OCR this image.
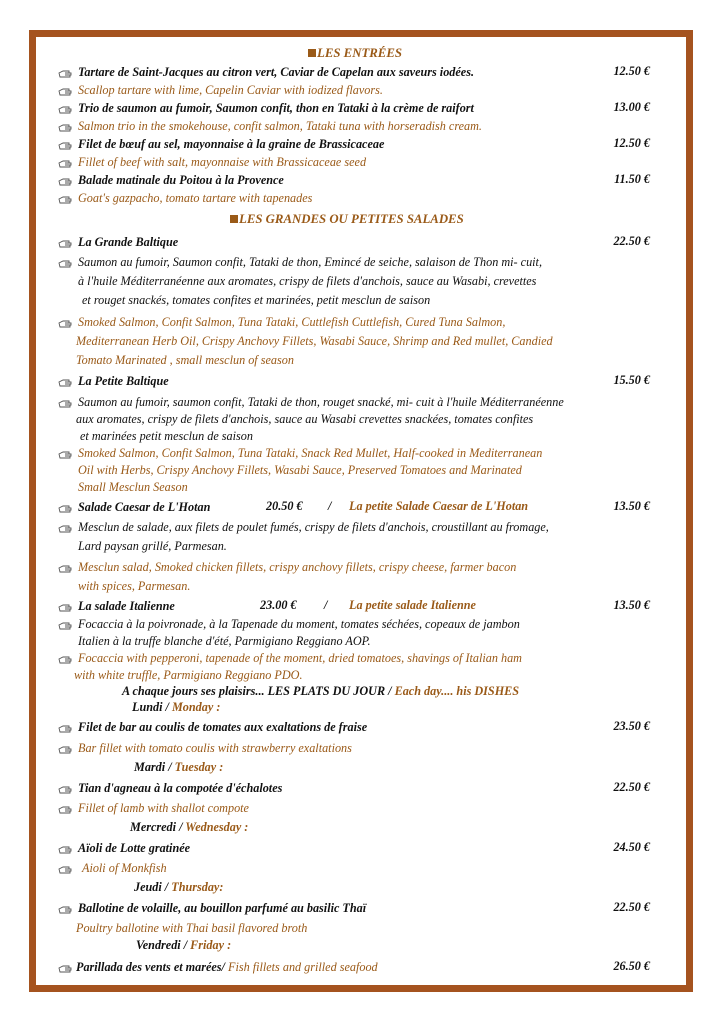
LES ENTRÉES
Tartare de Saint-Jacques au citron vert, Caviar de Capelan aux saveurs iodées.	12.50 €
Scallop tartare with lime, Capelin Caviar with iodized flavors.
Trio de saumon au fumoir, Saumon confit, thon en Tataki à la crème de raifort	13.00 €
Salmon trio in the smokehouse, confit salmon, Tataki tuna with horseradish cream.
Filet de bœuf au sel, mayonnaise à la graine de Brassicaceae	12.50 €
Fillet of beef with salt, mayonnaise with Brassicaceae seed
Balade matinale du Poitou à la Provence	11.50 €
Goat's gazpacho, tomato tartare with tapenades
LES GRANDES OU PETITES SALADES
La Grande Baltique	22.50 €
Saumon au fumoir, Saumon confit, Tataki de thon, Emincé de seiche, salaison de Thon mi- cuit,
à l'huile Méditerranéenne aux aromates, crispy de filets d'anchois, sauce au Wasabi, crevettes
et rouget snackés, tomates confites et marinées, petit mesclun de saison
Smoked Salmon, Confit Salmon, Tuna Tataki, Cuttlefish Cuttlefish, Cured Tuna Salmon,
Mediterranean Herb Oil, Crispy Anchovy Fillets, Wasabi Sauce, Shrimp and Red mullet, Candied
Tomato Marinated , small mesclun of season
La Petite Baltique	15.50 €
Saumon au fumoir, saumon confit, Tataki de thon, rouget snacké, mi- cuit à l'huile Méditerranéenne
aux aromates, crispy de filets d'anchois, sauce au Wasabi crevettes snackées, tomates confites
et marinées petit mesclun de saison
Smoked Salmon, Confit Salmon, Tuna Tataki, Snack Red Mullet, Half-cooked in Mediterranean
Oil with Herbs, Crispy Anchovy Fillets, Wasabi Sauce, Preserved Tomatoes and Marinated
Small Mesclun Season
Salade Caesar de L'Hotan	20.50 € / La petite Salade Caesar de L'Hotan	13.50 €
Mesclun de salade, aux filets de poulet fumés, crispy de filets d'anchois, croustillant au fromage,
Lard paysan grillé, Parmesan.
Mesclun salad, Smoked chicken fillets, crispy anchovy fillets, crispy cheese, farmer bacon
with spices, Parmesan.
La salade Italienne	23.00 € / La petite salade Italienne	13.50 €
Focaccia à la poivronade, à la Tapenade du moment, tomates séchées, copeaux de jambon
Italien à la truffe blanche d'été, Parmigiano Reggiano AOP.
Focaccia with pepperoni, tapenade of the moment, dried tomatoes, shavings of Italian ham
with white truffle, Parmigiano Reggiano PDO.
A chaque jours ses plaisirs... LES PLATS DU JOUR / Each day.... his DISHES
Lundi / Monday :
Filet de bar au coulis de tomates aux exaltations de fraise	23.50 €
Bar fillet with tomato coulis with strawberry exaltations
Mardi / Tuesday :
Tian d'agneau à la compotée d'échalotes	22.50 €
Fillet of lamb with shallot compote
Mercredi / Wednesday :
Aïoli de Lotte gratinée	24.50 €
Aioli of Monkfish
Jeudi / Thursday:
Ballotine de volaille, au bouillon parfumé au basilic Thaï	22.50 €
Poultry ballotine with Thai basil flavored broth
Vendredi / Friday :
Parillada des vents et marées/ Fish fillets and grilled seafood	26.50 €
